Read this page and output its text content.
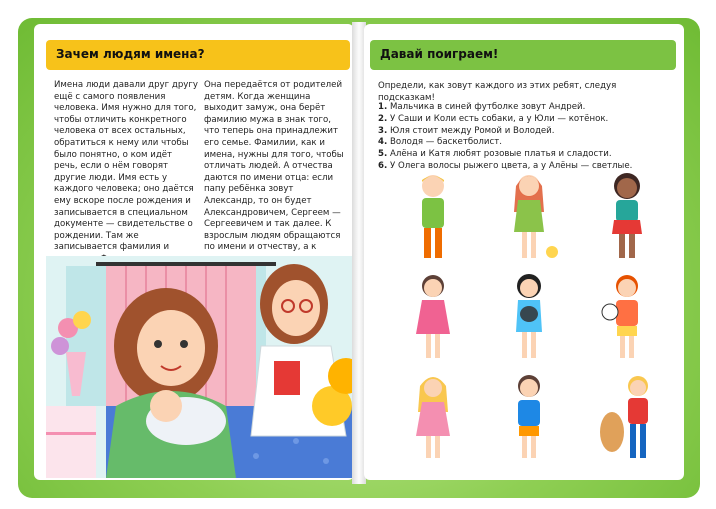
Зачем людям имена?
Имена люди давали друг другу ещё с самого появления человека. Имя нужно для того, чтобы отличить конкретного человека от всех остальных, обратиться к нему или чтобы было понятно, о ком идёт речь, если о нём говорят другие люди. Имя есть у каждого человека; оно даётся ему вскоре после рождения и записывается в специальном документе — свидетельстве о рождении. Там же записывается фамилия и
Она передаётся от родителей детям. Когда женщина выходит замуж, она берёт фамилию мужа в знак того, что теперь она принадлежит его семье. Фамилии, как и имена, нужны для того, чтобы отличать людей. А отчества даются по имени отца: если папу ребёнка зовут Александр, то он будет Александровичем, Сергеем — Сергеевичем и так далее. К взрослым людям обращаются по имени и отчеству, а к
Давай поиграем!
Определи, как зовут каждого из этих ребят, следуя подсказкам!
1. Мальчика в синей футболке зовут Андрей.
2. У Саши и Коли есть собаки, а у Юли — котёнок.
3. Юля стоит между Ромой и Володей.
4. Володя — баскетболист.
5. Алёна и Катя любят розовые платья и сладости.
6. У Олега волосы рыжего цвета, а у Алёны — светлые.
